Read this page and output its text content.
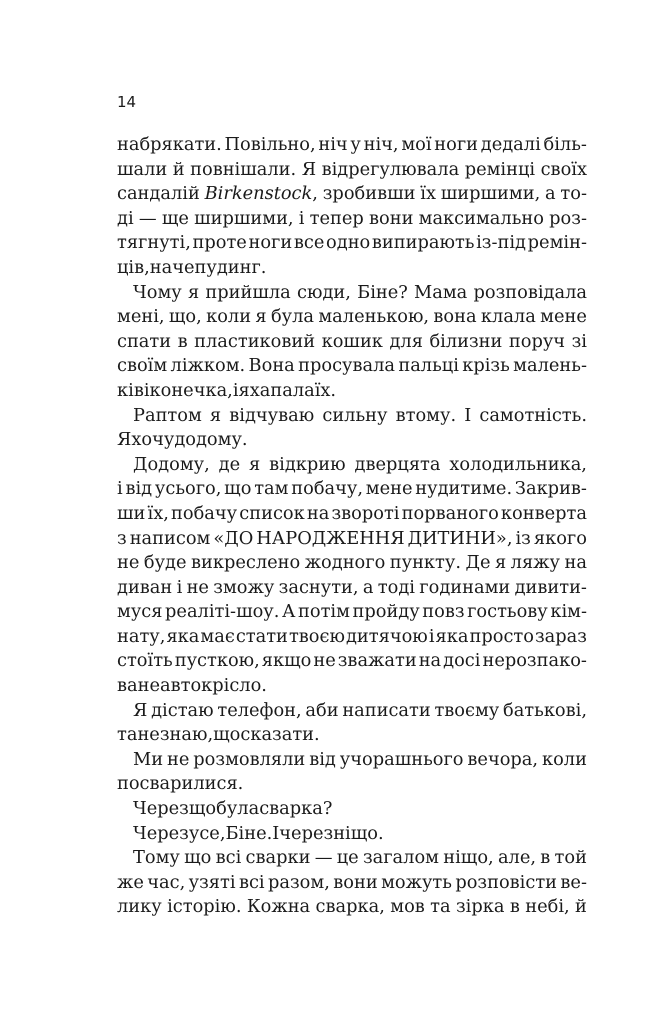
14
набрякати. Повільно, ніч у ніч, мої ноги дедалі біль-
шали й повнішали. Я відрегулювала ремінці своїх
сандалій Birkenstock, зробивши їх ширшими, а то-
ді — ще ширшими, і тепер вони максимально роз-
тягнуті, проте ноги все одно випирають із-під ремін-
ців, наче пудинг.
Чому я прийшла сюди, Біне? Мама розповідала
мені, що, коли я була маленькою, вона клала мене
спати в пластиковий кошик для білизни поруч зі
своїм ліжком. Вона просувала пальці крізь малень-
кі віконечка, і я хапала їх.
Раптом я відчуваю сильну втому. І самотність.
Я хочу додому.
Додому, де я відкрию дверцята холодильника,
і від усього, що там побачу, мене нудитиме. Закрив-
ши їх, побачу список на звороті порваного конверта
з написом «ДО НАРОДЖЕННЯ ДИТИНИ», із якого
не буде викреслено жодного пункту. Де я ляжу на
диван і не зможу заснути, а тоді годинами дивити-
муся реаліті-шоу. А потім пройду повз гостьову кім-
нату, яка має стати твоєю дитячою і яка просто зараз
стоїть пусткою, якщо не зважати на досі нерозпако-
ване автокрісло.
Я дістаю телефон, аби написати твоєму батькові,
та не знаю, що сказати.
Ми не розмовляли від учорашнього вечора, коли
посварилися.
Через що була сварка?
Через усе, Біне. І через ніщо.
Тому що всі сварки — це загалом ніщо, але, в той
же час, узяті всі разом, вони можуть розповісти ве-
лику історію. Кожна сварка, мов та зірка в небі, й
